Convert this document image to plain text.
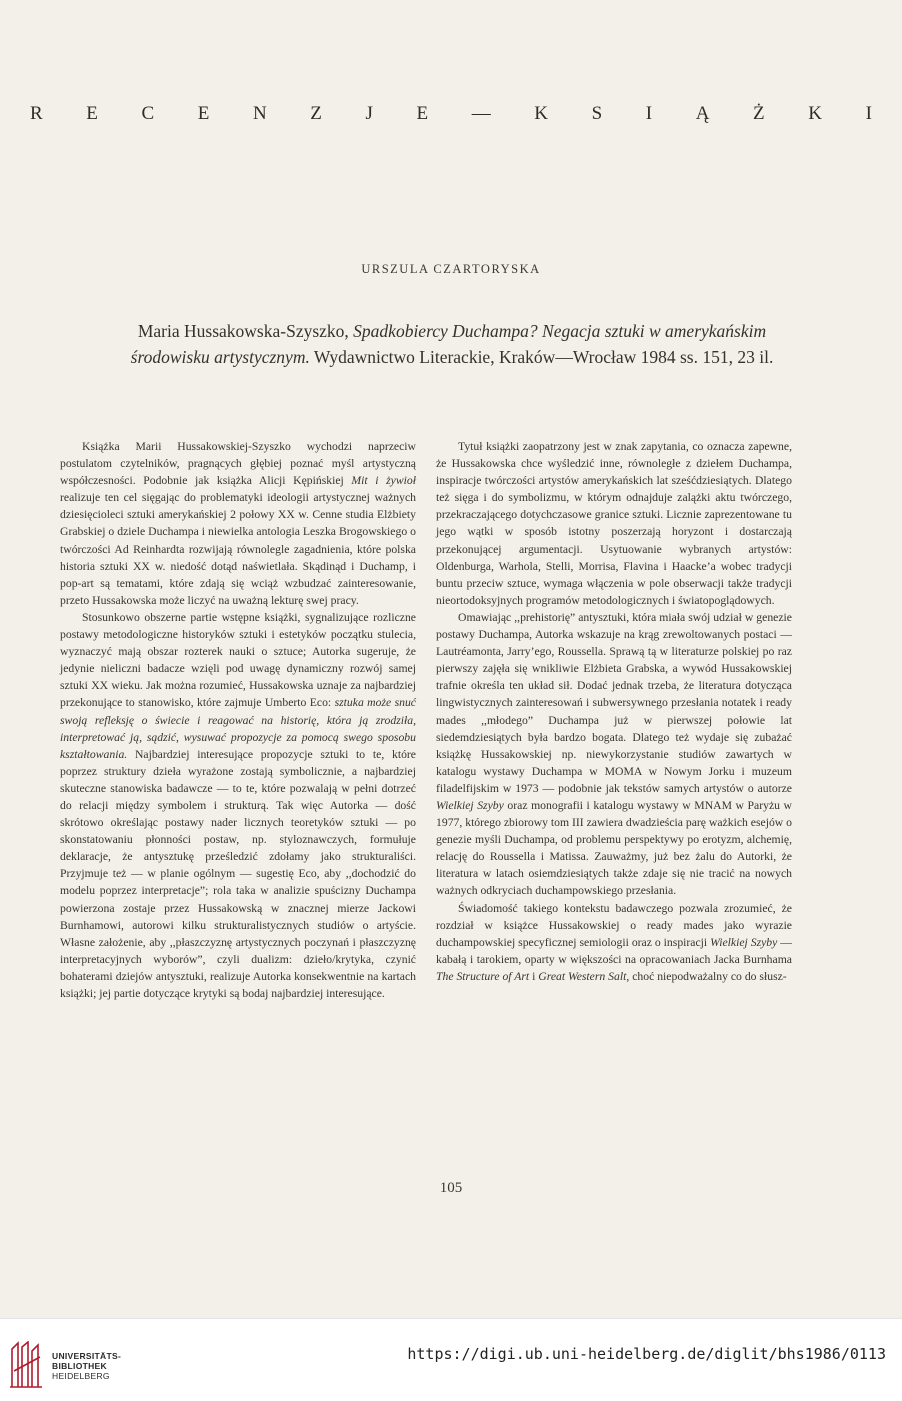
R E C E N Z J E — K S I Ą Ż K I
URSZULA CZARTORYSKA
Maria Hussakowska-Szyszko, Spadkobiercy Duchampa? Negacja sztuki w amerykańskim
środowisku artystycznym. Wydawnictwo Literackie, Kraków—Wrocław 1984 ss. 151, 23 il.

Książka Marii Hussakowskiej-Szyszko wychodzi naprzeciw postulatom czytelników, pragnących głębiej poznać myśl artystyczną współczesności. Podobnie jak książka Alicji Kępińskiej Mit i żywioł realizuje ten cel sięgając do problematyki ideologii artystycznej ważnych dziesięcioleci sztuki amerykańskiej 2 połowy XX w. Cenne studia Elżbiety Grabskiej o dziele Duchampa i niewielka antologia Leszka Brogowskiego o twórczości Ad Reinhardta rozwijają równolegle zagadnienia, które polska historia sztuki XX w. niedość dotąd naświetlała. Skądinąd i Duchamp, i pop-art są tematami, które zdają się wciąż wzbudzać zainteresowanie, przeto Hussakowska może liczyć na uważną lekturę swej pracy.

Stosunkowo obszerne partie wstępne książki, sygnalizujące rozliczne postawy metodologiczne historyków sztuki i estetyków początku stulecia, wyznaczyć mają obszar rozterek nauki o sztuce; Autorka sugeruje, że jedynie nieliczni badacze wzięli pod uwagę dynamiczny rozwój samej sztuki XX wieku. Jak można rozumieć, Hussakowska uznaje za najbardziej przekonujące to stanowisko, które zajmuje Umberto Eco: sztuka może snuć swoją refleksję o świecie i reagować na historię, która ją zrodziła, interpretować ją, sądzić, wysuwać propozycje za pomocą swego sposobu kształtowania. Najbardziej interesujące propozycje sztuki to te, które poprzez struktury dzieła wyrażone zostają symbolicznie, a najbardziej skuteczne stanowiska badawcze — to te, które pozwalają w pełni dotrzeć do relacji między symbolem i strukturą. Tak więc Autorka — dość skrótowo określając postawy nader licznych teoretyków sztuki — po skonstatowaniu płonności postaw, np. styloznawczych, formułuje deklaracje, że antysztukę prześledzić zdołamy jako strukturaliści. Przyjmuje też — w planie ogólnym — sugestię Eco, aby ,,dochodzić do modelu poprzez interpretacje”; rola taka w analizie spuścizny Duchampa powierzona zostaje przez Hussakowską w znacznej mierze Jackowi Burnhamowi, autorowi kilku strukturalistycznych studiów o artyście. Własne założenie, aby ,,płaszczyznę artystycznych poczynań i płaszczyznę interpretacyjnych wyborów”, czyli dualizm: dzieło/krytyka, czynić bohaterami dziejów antysztuki, realizuje Autorka konsekwentnie na kartach książki; jej partie dotyczące krytyki są bodaj najbardziej interesujące.

Tytuł książki zaopatrzony jest w znak zapytania, co oznacza zapewne, że Hussakowska chce wyśledzić inne, równoległe z dziełem Duchampa, inspiracje twórczości artystów amerykańskich lat sześćdziesiątych. Dlatego też sięga i do symbolizmu, w którym odnajduje zalążki aktu twórczego, przekraczającego dotychczasowe granice sztuki. Licznie zaprezentowane tu jego wątki w sposób istotny poszerzają horyzont i dostarczają przekonującej argumentacji. Usytuowanie wybranych artystów: Oldenburga, Warhola, Stelli, Morrisa, Flavina i Haacke’a wobec tradycji buntu przeciw sztuce, wymaga włączenia w pole obserwacji także tradycji nieortodoksyjnych programów metodologicznych i światopoglądowych.

Omawiając ,,prehistorię” antysztuki, która miała swój udział w genezie postawy Duchampa, Autorka wskazuje na krąg zrewoltowanych postaci — Lautréamonta, Jarry’ego, Roussella. Sprawą tą w literaturze polskiej po raz pierwszy zajęła się wnikliwie Elżbieta Grabska, a wywód Hussakowskiej trafnie określa ten układ sił. Dodać jednak trzeba, że literatura dotycząca lingwistycznych zainteresowań i subwersywnego przesłania notatek i ready mades ,,młodego” Duchampa już w pierwszej połowie lat siedemdziesiątych była bardzo bogata. Dlatego też wydaje się zubażać książkę Hussakowskiej np. niewykorzystanie studiów zawartych w katalogu wystawy Duchampa w MOMA w Nowym Jorku i muzeum filadelfijskim w 1973 — podobnie jak tekstów samych artystów o autorze Wielkiej Szyby oraz monografii i katalogu wystawy w MNAM w Paryżu w 1977, którego zbiorowy tom III zawiera dwadzieścia parę ważkich esejów o genezie myśli Duchampa, od problemu perspektywy po erotyzm, alchemię, relację do Roussella i Matissa. Zauważmy, już bez żalu do Autorki, że literatura w latach osiemdziesiątych także zdaje się nie tracić na nowych ważnych odkryciach duchampowskiego przesłania.

Świadomość takiego kontekstu badawczego pozwala zrozumieć, że rozdział w książce Hussakowskiej o ready mades jako wyrazie duchampowskiej specyficznej semiologii oraz o inspiracji Wielkiej Szyby — kabałą i tarokiem, oparty w większości na opracowaniach Jacka Burnhama The Structure of Art i Great Western Salt, choć niepodważalny co do słusz-

105
UNIVERSITÄTS-
BIBLIOTHEK
HEIDELBERG
https://digi.ub.uni-heidelberg.de/diglit/bhs1986/0113
